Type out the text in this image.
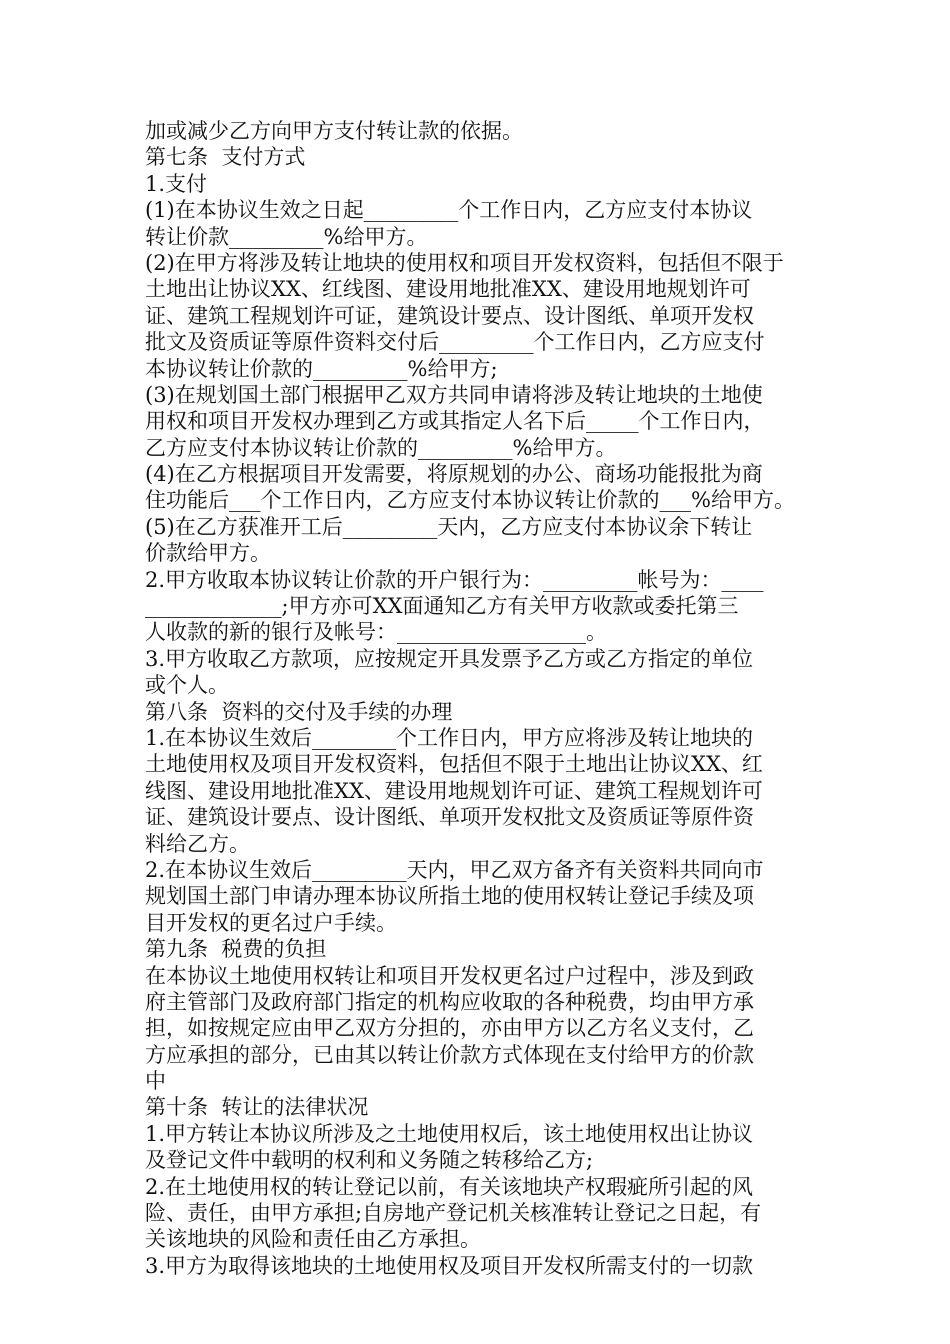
加或减少乙方向甲方支付转让款的依据。
第七条  支付方式
1.支付
(1)在本协议生效之日起_________个工作日内，乙方应支付本协议
转让价款_________%给甲方。
(2)在甲方将涉及转让地块的使用权和项目开发权资料，包括但不限于
土地出让协议XX、红线图、建设用地批准XX、建设用地规划许可
证、建筑工程规划许可证，建筑设计要点、设计图纸、单项开发权
批文及资质证等原件资料交付后_________个工作日内，乙方应支付
本协议转让价款的_________%给甲方;
(3)在规划国土部门根据甲乙双方共同申请将涉及转让地块的土地使
用权和项目开发权办理到乙方或其指定人名下后_____个工作日内，
乙方应支付本协议转让价款的_________%给甲方。
(4)在乙方根据项目开发需要，将原规划的办公、商场功能报批为商
住功能后___个工作日内，乙方应支付本协议转让价款的___%给甲方。
(5)在乙方获准开工后_________天内，乙方应支付本协议余下转让
价款给甲方。
2.甲方收取本协议转让价款的开户银行为：_________帐号为：____
_____________;甲方亦可XX面通知乙方有关甲方收款或委托第三
人收款的新的银行及帐号：__________________。
3.甲方收取乙方款项，应按规定开具发票予乙方或乙方指定的单位
或个人。
第八条  资料的交付及手续的办理
1.在本协议生效后________个工作日内，甲方应将涉及转让地块的
土地使用权及项目开发权资料，包括但不限于土地出让协议XX、红
线图、建设用地批准XX、建设用地规划许可证、建筑工程规划许可
证、建筑设计要点、设计图纸、单项开发权批文及资质证等原件资
料给乙方。
2.在本协议生效后_________天内，甲乙双方备齐有关资料共同向市
规划国土部门申请办理本协议所指土地的使用权转让登记手续及项
目开发权的更名过户手续。
第九条  税费的负担
在本协议土地使用权转让和项目开发权更名过户过程中，涉及到政
府主管部门及政府部门指定的机构应收取的各种税费，均由甲方承
担，如按规定应由甲乙双方分担的，亦由甲方以乙方名义支付，乙
方应承担的部分，已由其以转让价款方式体现在支付给甲方的价款
中
第十条  转让的法律状况
1.甲方转让本协议所涉及之土地使用权后，该土地使用权出让协议
及登记文件中载明的权利和义务随之转移给乙方;
2.在土地使用权的转让登记以前，有关该地块产权瑕疵所引起的风
险、责任，由甲方承担;自房地产登记机关核准转让登记之日起，有
关该地块的风险和责任由乙方承担。
3.甲方为取得该地块的土地使用权及项目开发权所需支付的一切款
